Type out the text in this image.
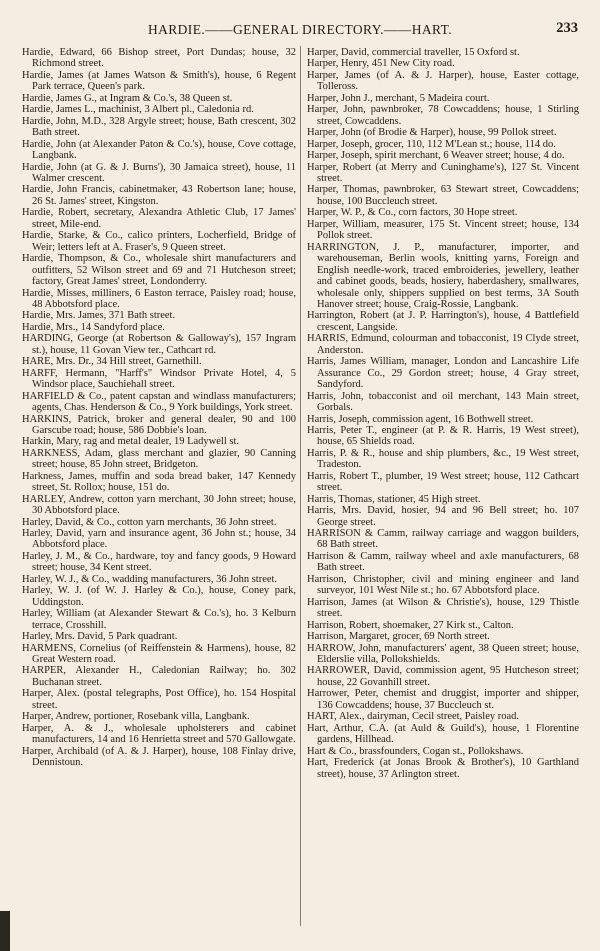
HARDIE.——GENERAL DIRECTORY.——HART.	233

Hardie, Edward, 66 Bishop street, Port Dundas; house, 32 Richmond street.

Hardie, James (at James Watson & Smith's), house, 6 Regent Park terrace, Queen's park.

Hardie, James G., at Ingram & Co.'s, 38 Queen st.

Hardie, James L., machinist, 3 Albert pl., Caledonia rd.

Hardie, John, M.D., 328 Argyle street; house, Bath crescent, 302 Bath street.

Hardie, John (at Alexander Paton & Co.'s), house, Cove cottage, Langbank.

Hardie, John (at G. & J. Burns'), 30 Jamaica street), house, 11 Walmer crescent.

Hardie, John Francis, cabinetmaker, 43 Robertson lane; house, 26 St. James' street, Kingston.

Hardie, Robert, secretary, Alexandra Athletic Club, 17 James' street, Mile-end.

Hardie, Starke, & Co., calico printers, Locherfield, Bridge of Weir; letters left at A. Fraser's, 9 Queen street.

Hardie, Thompson, & Co., wholesale shirt manufacturers and outfitters, 52 Wilson street and 69 and 71 Hutcheson street; factory, Great James' street, Londonderry.

Hardie, Misses, milliners, 6 Easton terrace, Paisley road; house, 48 Abbotsford place.

Hardie, Mrs. James, 371 Bath street.

Hardie, Mrs., 14 Sandyford place.

HARDING, George (at Robertson & Galloway's), 157 Ingram st.), house, 11 Govan View ter., Cathcart rd.

HARE, Mrs. Dr., 34 Hill street, Garnethill.

HARFF, Hermann, "Harff's" Windsor Private Hotel, 4, 5 Windsor place, Sauchiehall street.

HARFIELD & Co., patent capstan and windlass manufacturers; agents, Chas. Henderson & Co., 9 York buildings, York street.

HARKINS, Patrick, broker and general dealer, 90 and 100 Garscube road; house, 586 Dobbie's loan.

Harkin, Mary, rag and metal dealer, 19 Ladywell st.

HARKNESS, Adam, glass merchant and glazier, 90 Canning street; house, 85 John street, Bridgeton.

Harkness, James, muffin and soda bread baker, 147 Kennedy street, St. Rollox; house, 151 do.

HARLEY, Andrew, cotton yarn merchant, 30 John street; house, 30 Abbotsford place.

Harley, David, & Co., cotton yarn merchants, 36 John street.

Harley, David, yarn and insurance agent, 36 John st.; house, 34 Abbotsford place.

Harley, J. M., & Co., hardware, toy and fancy goods, 9 Howard street; house, 34 Kent street.

Harley, W. J., & Co., wadding manufacturers, 36 John street.

Harley, W. J. (of W. J. Harley & Co.), house, Coney park, Uddingston.

Harley, William (at Alexander Stewart & Co.'s), ho. 3 Kelburn terrace, Crosshill.

Harley, Mrs. David, 5 Park quadrant.

HARMENS, Cornelius (of Reiffenstein & Harmens), house, 82 Great Western road.

HARPER, Alexander H., Caledonian Railway; ho. 302 Buchanan street.

Harper, Alex. (postal telegraphs, Post Office), ho. 154 Hospital street.

Harper, Andrew, portioner, Rosebank villa, Langbank.

Harper, A. & J., wholesale upholsterers and cabinet manufacturers, 14 and 16 Henrietta street and 570 Gallowgate.

Harper, Archibald (of A. & J. Harper), house, 108 Finlay drive, Dennistoun.

Harper, David, commercial traveller, 15 Oxford st.

Harper, Henry, 451 New City road.

Harper, James (of A. & J. Harper), house, Easter cottage, Tolleross.

Harper, John J., merchant, 5 Madeira court.

Harper, John, pawnbroker, 78 Cowcaddens; house, 1 Stirling street, Cowcaddens.

Harper, John (of Brodie & Harper), house, 99 Pollok street.

Harper, Joseph, grocer, 110, 112 M'Lean st.; house, 114 do.

Harper, Joseph, spirit merchant, 6 Weaver street; house, 4 do.

Harper, Robert (at Merry and Cuninghame's), 127 St. Vincent street.

Harper, Thomas, pawnbroker, 63 Stewart street, Cowcaddens; house, 100 Buccleuch street.

Harper, W. P., & Co., corn factors, 30 Hope street.

Harper, William, measurer, 175 St. Vincent street; house, 134 Pollok street.

HARRINGTON, J. P., manufacturer, importer, and warehouseman, Berlin wools, knitting yarns, Foreign and English needle-work, traced embroideries, jewellery, leather and cabinet goods, beads, hosiery, haberdashery, smallwares, wholesale only, shippers supplied on best terms, 3A South Hanover street; house, Craig-Rossie, Langbank.

Harrington, Robert (at J. P. Harrington's), house, 4 Battlefield crescent, Langside.

HARRIS, Edmund, colourman and tobacconist, 19 Clyde street, Anderston.

Harris, James William, manager, London and Lancashire Life Assurance Co., 29 Gordon street; house, 4 Gray street, Sandyford.

Harris, John, tobacconist and oil merchant, 143 Main street, Gorbals.

Harris, Joseph, commission agent, 16 Bothwell street.

Harris, Peter T., engineer (at P. & R. Harris, 19 West street), house, 65 Shields road.

Harris, P. & R., house and ship plumbers, &c., 19 West street, Tradeston.

Harris, Robert T., plumber, 19 West street; house, 112 Cathcart street.

Harris, Thomas, stationer, 45 High street.

Harris, Mrs. David, hosier, 94 and 96 Bell street; ho. 107 George street.

HARRISON & Camm, railway carriage and waggon builders, 68 Bath street.

Harrison & Camm, railway wheel and axle manufacturers, 68 Bath street.

Harrison, Christopher, civil and mining engineer and land surveyor, 101 West Nile st.; ho. 67 Abbotsford place.

Harrison, James (at Wilson & Christie's), house, 129 Thistle street.

Harrison, Robert, shoemaker, 27 Kirk st., Calton.

Harrison, Margaret, grocer, 69 North street.

HARROW, John, manufacturers' agent, 38 Queen street; house, Elderslie villa, Pollokshields.

HARROWER, David, commission agent, 95 Hutcheson street; house, 22 Govanhill street.

Harrower, Peter, chemist and druggist, importer and shipper, 136 Cowcaddens; house, 37 Buccleuch st.

HART, Alex., dairyman, Cecil street, Paisley road.

Hart, Arthur, C.A. (at Auld & Guild's), house, 1 Florentine gardens, Hillhead.

Hart & Co., brassfounders, Cogan st., Pollokshaws.

Hart, Frederick (at Jonas Brook & Brother's), 10 Garthland street), house, 37 Arlington street.
